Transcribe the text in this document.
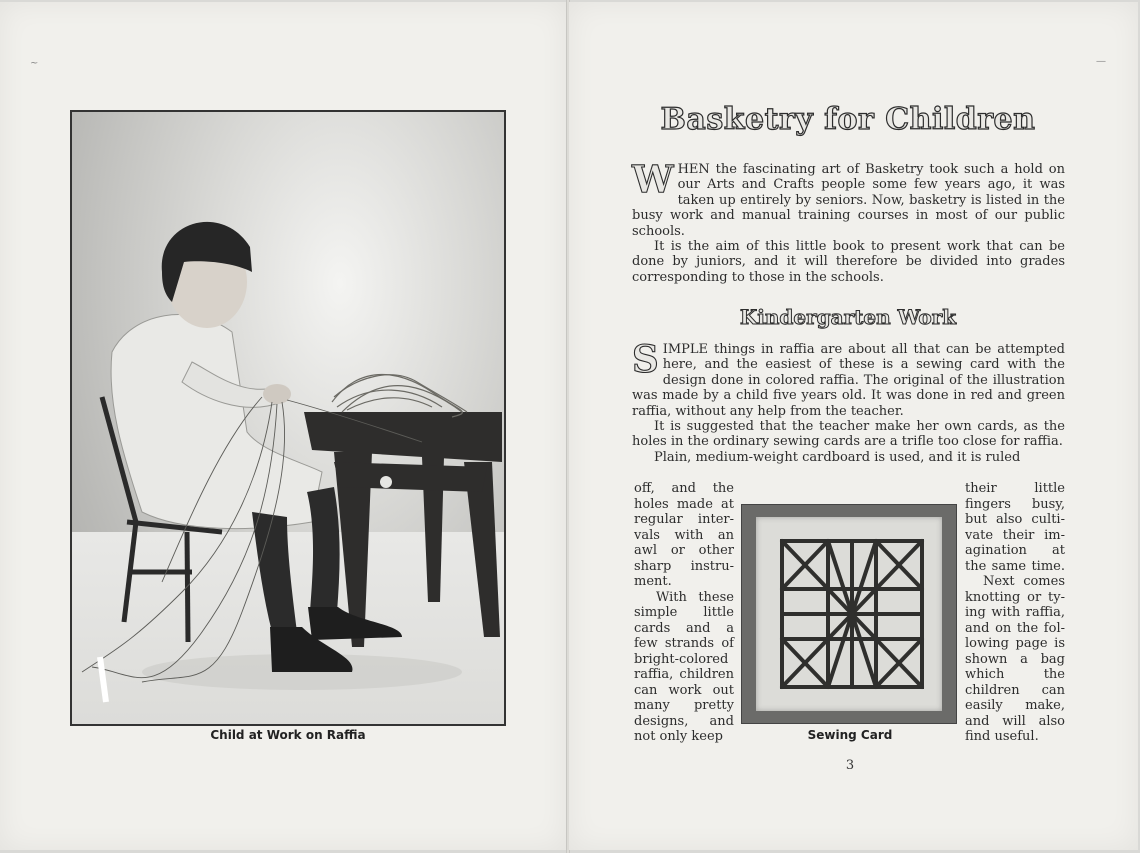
Child at Work on Raffia
~
Basketry for Children

WHEN the fascinating art of Basketry took such a hold on our Arts and Crafts people some few years ago, it was taken up entirely by seniors. Now, basketry is listed in the busy work and manual training courses in most of our public schools.

It is the aim of this little book to present work that can be done by juniors, and it will therefore be divided into grades corresponding to those in the schools.

Kindergarten Work

SIMPLE things in raffia are about all that can be attempted here, and the easiest of these is a sewing card with the design done in colored raffia. The original of the illustration was made by a child five years old. It was done in red and green raffia, without any help from the teacher.

It is suggested that the teacher make her own cards, as the holes in the ordinary sewing cards are a trifle too close for raffia.

Plain, medium-weight cardboard is used, and it is ruled

off, and the
holes made at
regular inter-
vals with an
awl or other
sharp instru-
ment.
With these
simple little
cards and a
few strands of
bright-colored
raffia, children
can work out
many pretty
designs, and
not only keep
their little
fingers busy,
but also culti-
vate their im-
agination at
the same time.
Next comes
knotting or ty-
ing with raffia,
and on the fol-
lowing page is
shown a bag
which the
children can
easily make,
and will also
find useful.
Sewing Card
3
—
